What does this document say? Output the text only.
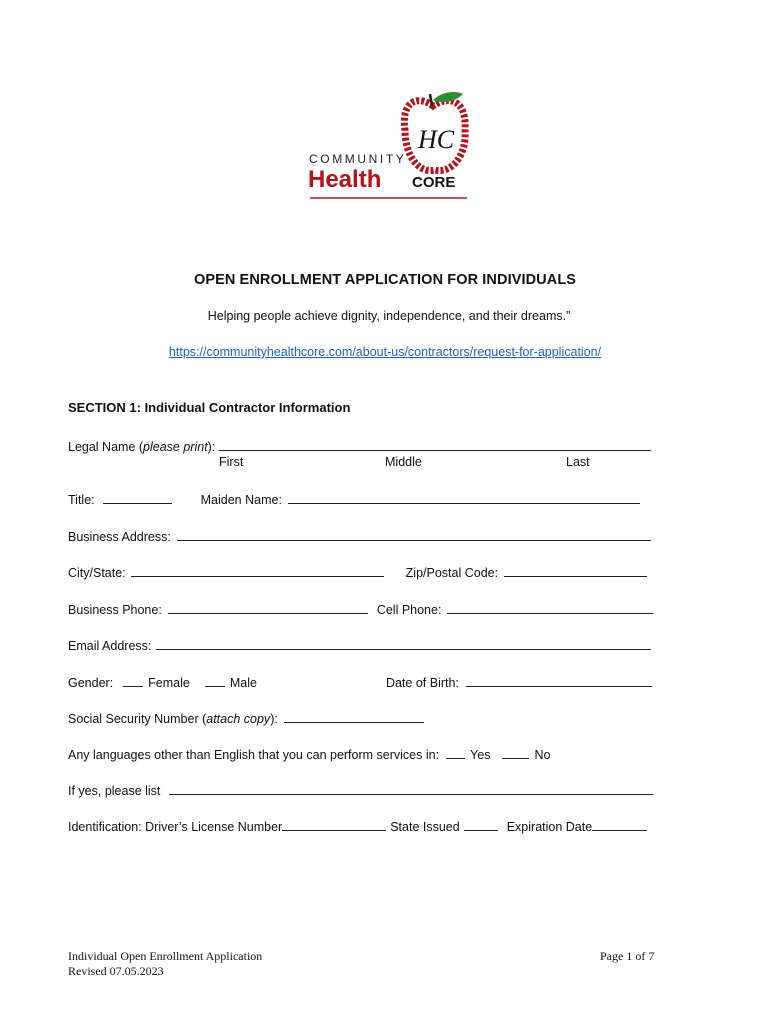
HC
COMMUNITY
Health CORE
OPEN ENROLLMENT APPLICATION FOR INDIVIDUALS
Helping people achieve dignity, independence, and their dreams.”
https://communityhealthcore.com/about-us/contractors/request-for-application/
SECTION 1: Individual Contractor Information
Legal Name ( please print ):
First	Middle	Last
Title:	Maiden Name:
Business Address:
City/State:	Zip/Postal Code:
Business Phone:	Cell Phone:
Email Address:
Gender:	Female	Male	Date of Birth:
Social Security Number ( attach copy ):
Any languages other than English that you can perform services in: Yes	No
If yes, please list
Identification: Driver’s License Number	State Issued	Expiration Date
Individual Open Enrollment Application
Revised 07.05.2023
Page 1 of 7
